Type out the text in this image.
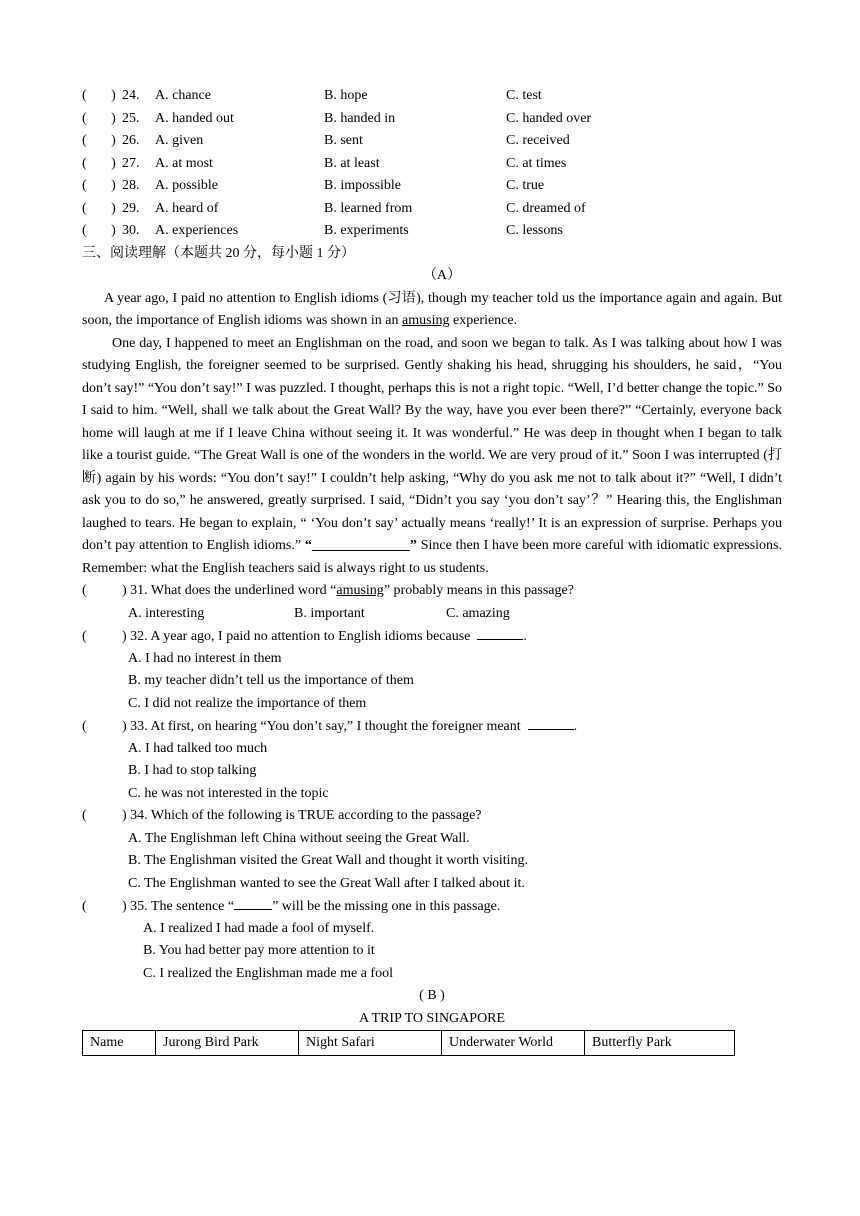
( ) 24.	A. chance	B. hope	C. test
( ) 25.	A. handed out	B. handed in	C. handed over
( ) 26.	A. given	B. sent	C. received
( ) 27.	A. at most	B. at least	C. at times
( ) 28.	A. possible	B. impossible	C. true
( ) 29.	A. heard of	B. learned from	C. dreamed of
( ) 30.	A. experiences	B. experiments	C. lessons
三、阅读理解（本题共 20 分，每小题 1 分）
（A）

A year ago, I paid no attention to English idioms (习语), though my teacher told us the importance again and again. But soon, the importance of English idioms was shown in an amusing experience.

One day, I happened to meet an Englishman on the road, and soon we began to talk. As I was talking about how I was studying English, the foreigner seemed to be surprised. Gently shaking his head, shrugging his shoulders, he said，“You don’t say!” “You don’t say!” I was puzzled. I thought, perhaps this is not a right topic. “Well, I’d better change the topic.” So I said to him. “Well, shall we talk about the Great Wall? By the way, have you ever been there?” “Certainly, everyone back home will laugh at me if I leave China without seeing it. It was wonderful.” He was deep in thought when I began to talk like a tourist guide. “The Great Wall is one of the wonders in the world. We are very proud of it.” Soon I was interrupted (打断) again by his words: “You don’t say!” I couldn’t help asking, “Why do you ask me not to talk about it?” “Well, I didn’t ask you to do so,” he answered, greatly surprised. I said, “Didn’t you say ‘you don’t say’？” Hearing this, the Englishman laughed to tears. He began to explain, “ ‘You don’t say’ actually means ‘really!’ It is an expression of surprise. Perhaps you don’t pay attention to English idioms.” “______________” Since then I have been more careful with idiomatic expressions. Remember: what the English teachers said is always right to us students.

(       ) 31. What does the underlined word “amusing” probably means in this passage?
A. interesting	B. important	C. amazing
(       ) 32. A year ago, I paid no attention to English idioms because	.
A. I had no interest in them
B. my teacher didn’t tell us the importance of them
C. I did not realize the importance of them
(       ) 33. At first, on hearing “You don’t say,” I thought the foreigner meant	.
A. I had talked too much
B. I had to stop talking
C. he was not interested in the topic
(       ) 34. Which of the following is TRUE according to the passage?
A. The Englishman left China without seeing the Great Wall.
B. The Englishman visited the Great Wall and thought it worth visiting.
C. The Englishman wanted to see the Great Wall after I talked about it.
(       ) 35. The sentence “	” will be the missing one in this passage.
A. I realized I had made a fool of myself.
B. You had better pay more attention to it
C. I realized the Englishman made me a fool
( B )
A TRIP TO SINGAPORE
Name	Jurong Bird Park	Night Safari	Underwater World	Butterfly Park
